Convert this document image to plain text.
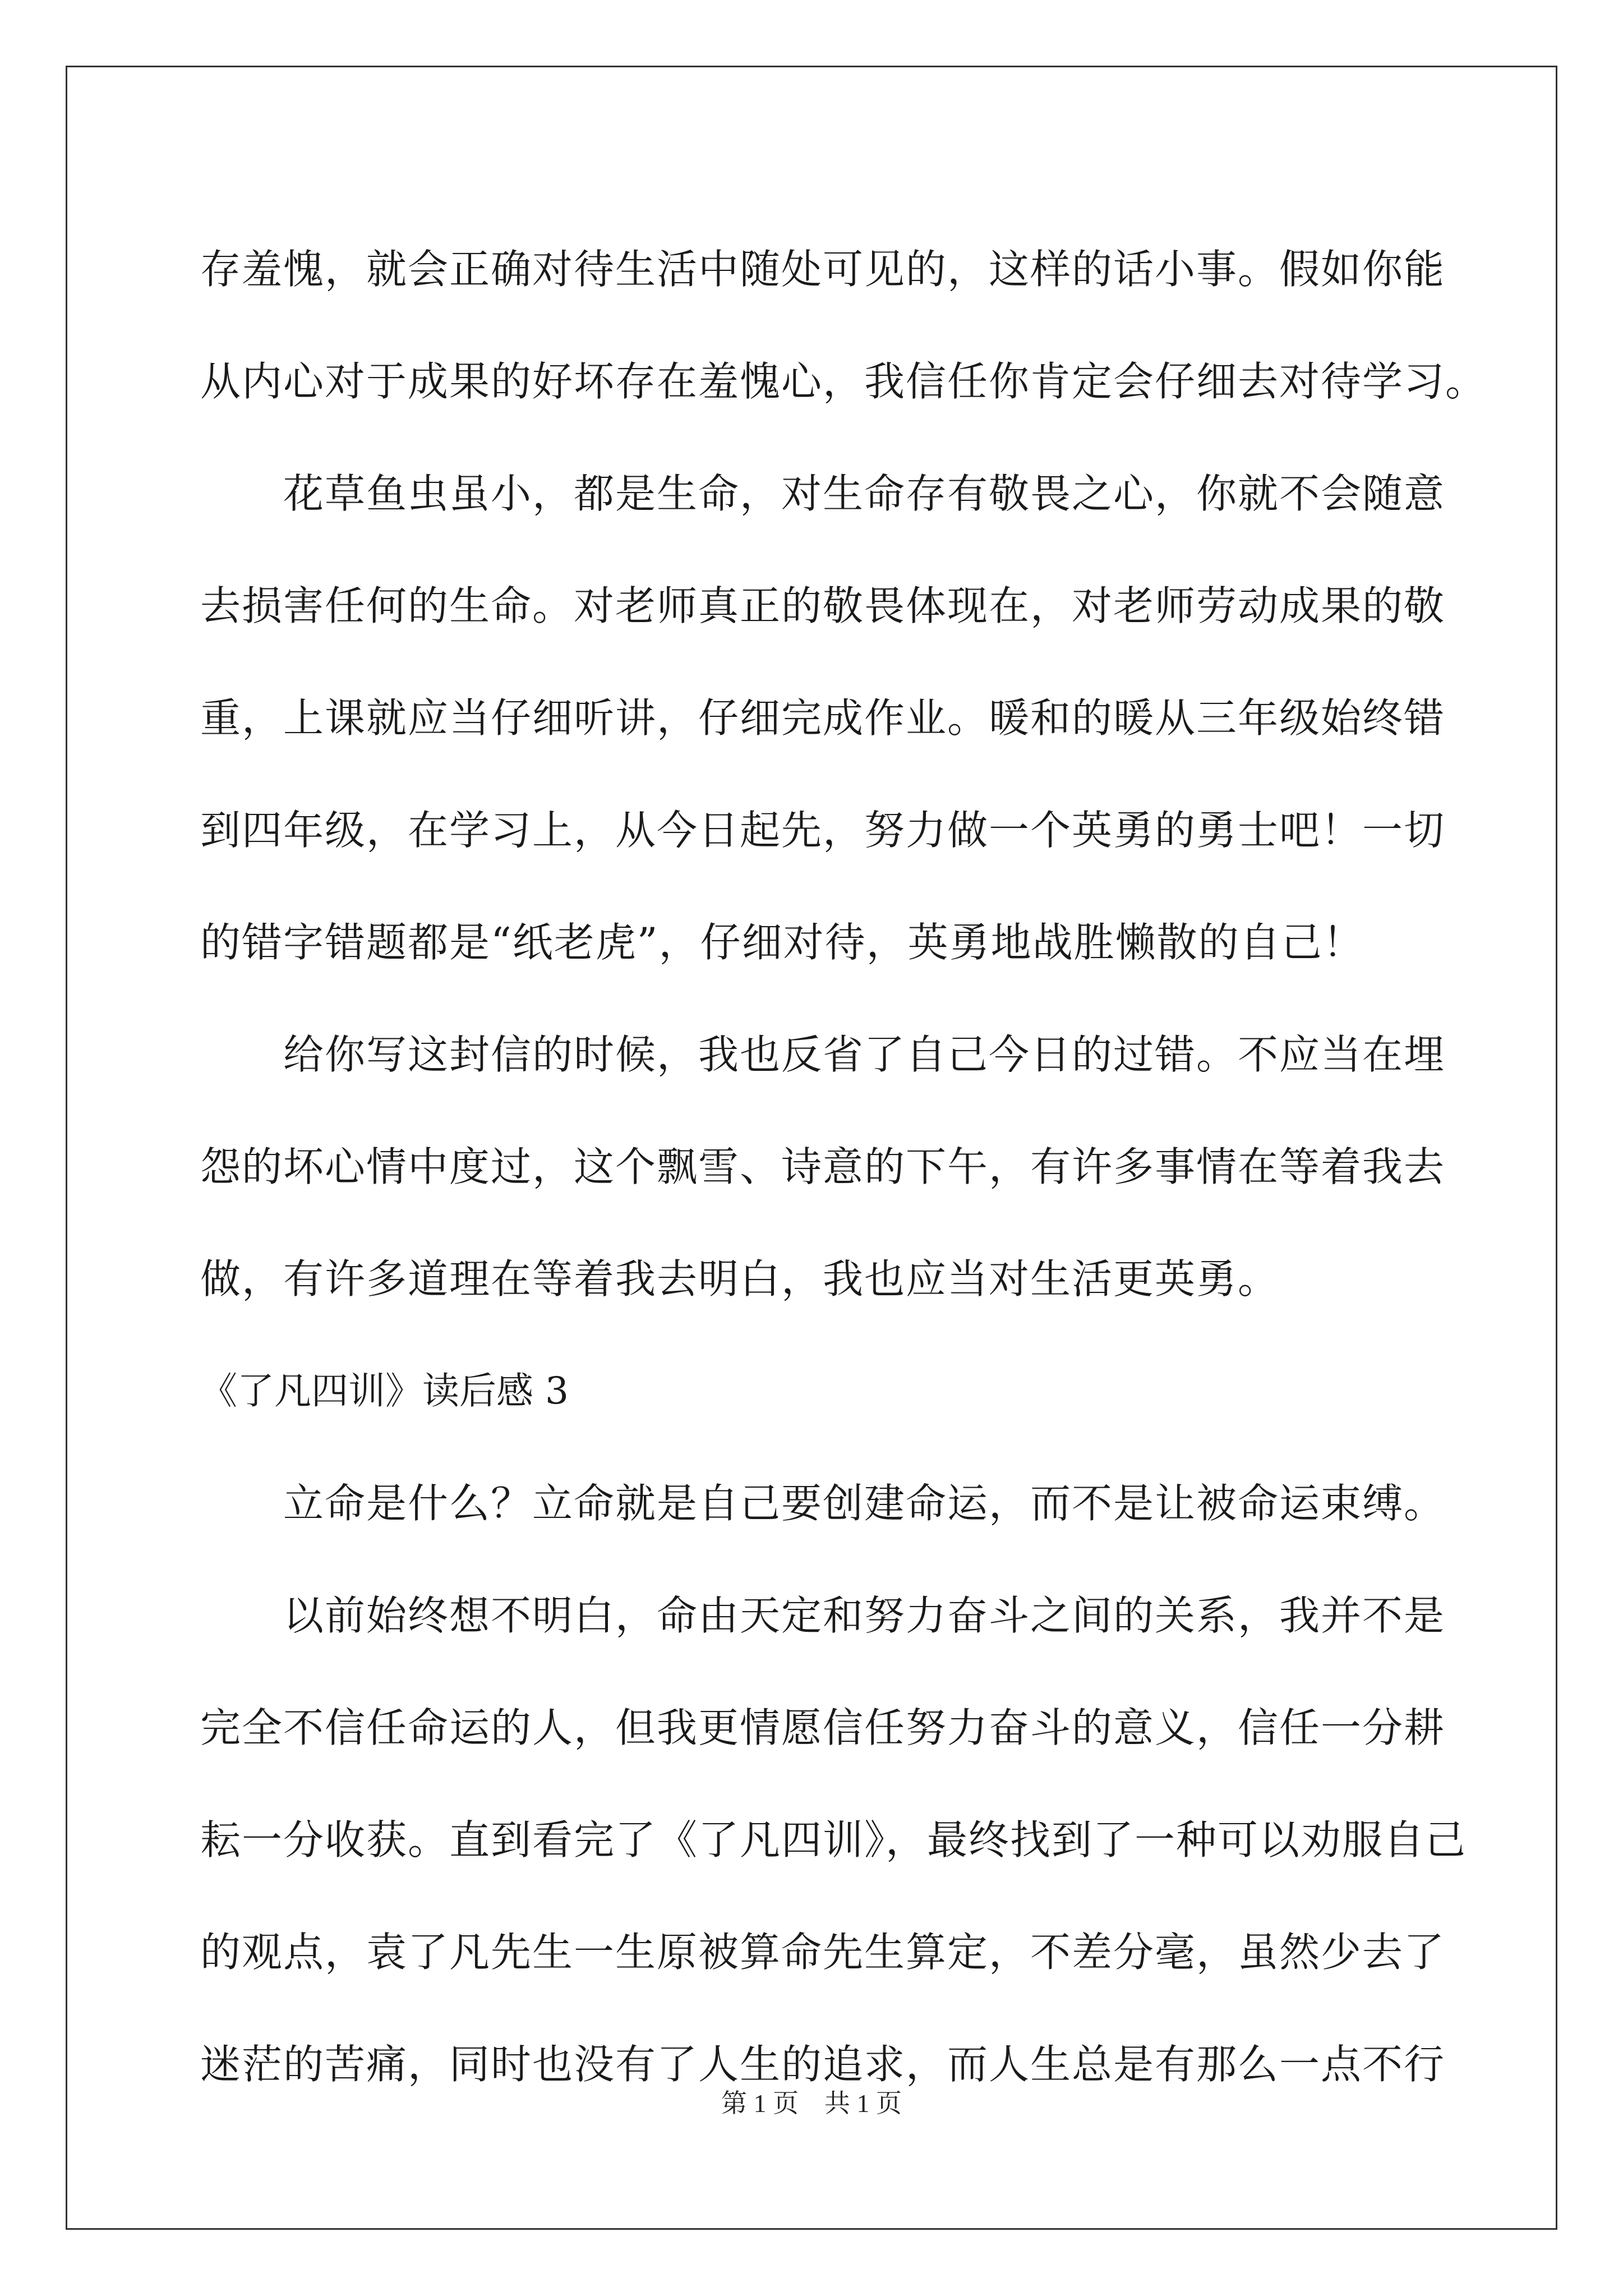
存羞愧，就会正确对待生活中随处可见的，这样的话小事。假如你能
从内心对于成果的好坏存在羞愧心，我信任你肯定会仔细去对待学习。
花草鱼虫虽小，都是生命，对生命存有敬畏之心，你就不会随意
去损害任何的生命。对老师真正的敬畏体现在，对老师劳动成果的敬
重，上课就应当仔细听讲，仔细完成作业。暖和的暖从三年级始终错
到四年级，在学习上，从今日起先，努力做一个英勇的勇士吧！一切
的错字错题都是“纸老虎”，仔细对待，英勇地战胜懒散的自己！
给你写这封信的时候，我也反省了自己今日的过错。不应当在埋
怨的坏心情中度过，这个飘雪、诗意的下午，有许多事情在等着我去
做，有许多道理在等着我去明白，我也应当对生活更英勇。
《了凡四训》读后感 3
立命是什么？立命就是自己要创建命运，而不是让被命运束缚。
以前始终想不明白，命由天定和努力奋斗之间的关系，我并不是
完全不信任命运的人，但我更情愿信任努力奋斗的意义，信任一分耕
耘一分收获。直到看完了《了凡四训》，最终找到了一种可以劝服自己
的观点，袁了凡先生一生原被算命先生算定，不差分毫，虽然少去了
迷茫的苦痛，同时也没有了人生的追求，而人生总是有那么一点不行
第 1 页　共 1 页
